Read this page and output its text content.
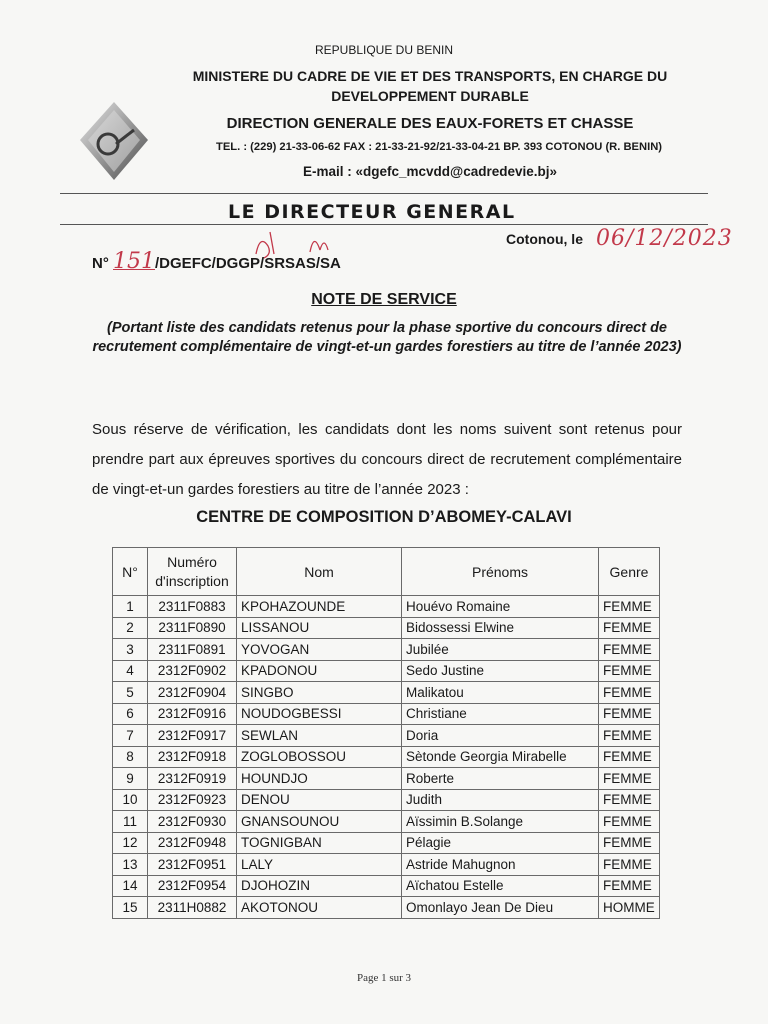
REPUBLIQUE DU BENIN
MINISTERE DU CADRE DE VIE ET DES TRANSPORTS, EN CHARGE DU
DEVELOPPEMENT DURABLE
DIRECTION GENERALE DES EAUX-FORETS ET CHASSE
TEL. : (229) 21-33-06-62 FAX : 21-33-21-92/21-33-04-21 BP. 393 COTONOU (R. BENIN)
E-mail : «dgefc_mcvdd@cadredevie.bj»
LE DIRECTEUR GENERAL
Cotonou, le 06/12/2023
N° 151/DGEFC/DGGP/SRSAS/SA
NOTE DE SERVICE
(Portant liste des candidats retenus pour la phase sportive du concours direct de recrutement complémentaire de vingt-et-un gardes forestiers au titre de l’année 2023)
Sous réserve de vérification, les candidats dont les noms suivent sont retenus pour prendre part aux épreuves sportives du concours direct de recrutement complémentaire de vingt-et-un gardes forestiers au titre de l’année 2023 :
CENTRE DE COMPOSITION D’ABOMEY-CALAVI
N°	Numéro d'inscription	Nom	Prénoms	Genre
1	2311F0883	KPOHAZOUNDE	Houévo Romaine	FEMME
2	2311F0890	LISSANOU	Bidossessi Elwine	FEMME
3	2311F0891	YOVOGAN	Jubilée	FEMME
4	2312F0902	KPADONOU	Sedo Justine	FEMME
5	2312F0904	SINGBO	Malikatou	FEMME
6	2312F0916	NOUDOGBESSI	Christiane	FEMME
7	2312F0917	SEWLAN	Doria	FEMME
8	2312F0918	ZOGLOBOSSOU	Sètonde Georgia Mirabelle	FEMME
9	2312F0919	HOUNDJO	Roberte	FEMME
10	2312F0923	DENOU	Judith	FEMME
11	2312F0930	GNANSOUNOU	Aïssimin B.Solange	FEMME
12	2312F0948	TOGNIGBAN	Pélagie	FEMME
13	2312F0951	LALY	Astride Mahugnon	FEMME
14	2312F0954	DJOHOZIN	Aïchatou Estelle	FEMME
15	2311H0882	AKOTONOU	Omonlayo Jean De Dieu	HOMME
Page 1 sur 3
